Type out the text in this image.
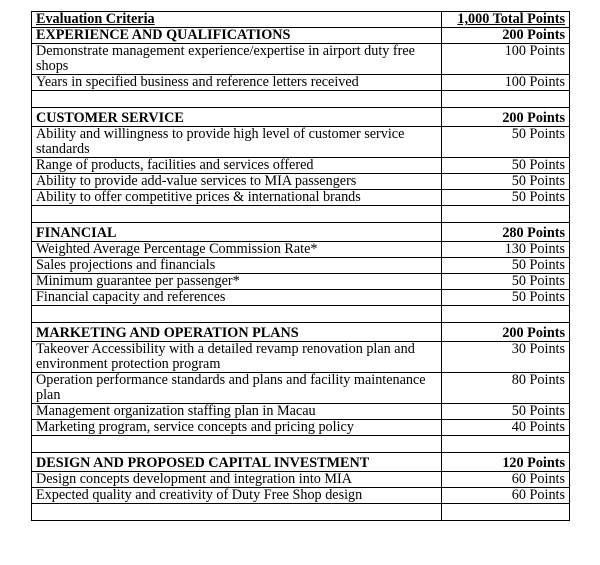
Evaluation Criteria	1,000 Total Points
EXPERIENCE AND QUALIFICATIONS	200 Points
Demonstrate management experience/expertise in airport duty free shops	100 Points
Years in specified business and reference letters received	100 Points

CUSTOMER SERVICE	200 Points
Ability and willingness to provide high level of customer service standards	50 Points
Range of products, facilities and services offered	50 Points
Ability to provide add-value services to MIA passengers	50 Points
Ability to offer competitive prices & international brands	50 Points

FINANCIAL	280 Points
Weighted Average Percentage Commission Rate*	130 Points
Sales projections and financials	50 Points
Minimum guarantee per passenger*	50 Points
Financial capacity and references	50 Points

MARKETING AND OPERATION PLANS	200 Points
Takeover Accessibility with a detailed revamp renovation plan and environment protection program	30 Points
Operation performance standards and plans and facility maintenance plan	80 Points
Management organization staffing plan in Macau	50 Points
Marketing program, service concepts and pricing policy	40 Points

DESIGN AND PROPOSED CAPITAL INVESTMENT	120 Points
Design concepts development and integration into MIA	60 Points
Expected quality and creativity of Duty Free Shop design	60 Points
